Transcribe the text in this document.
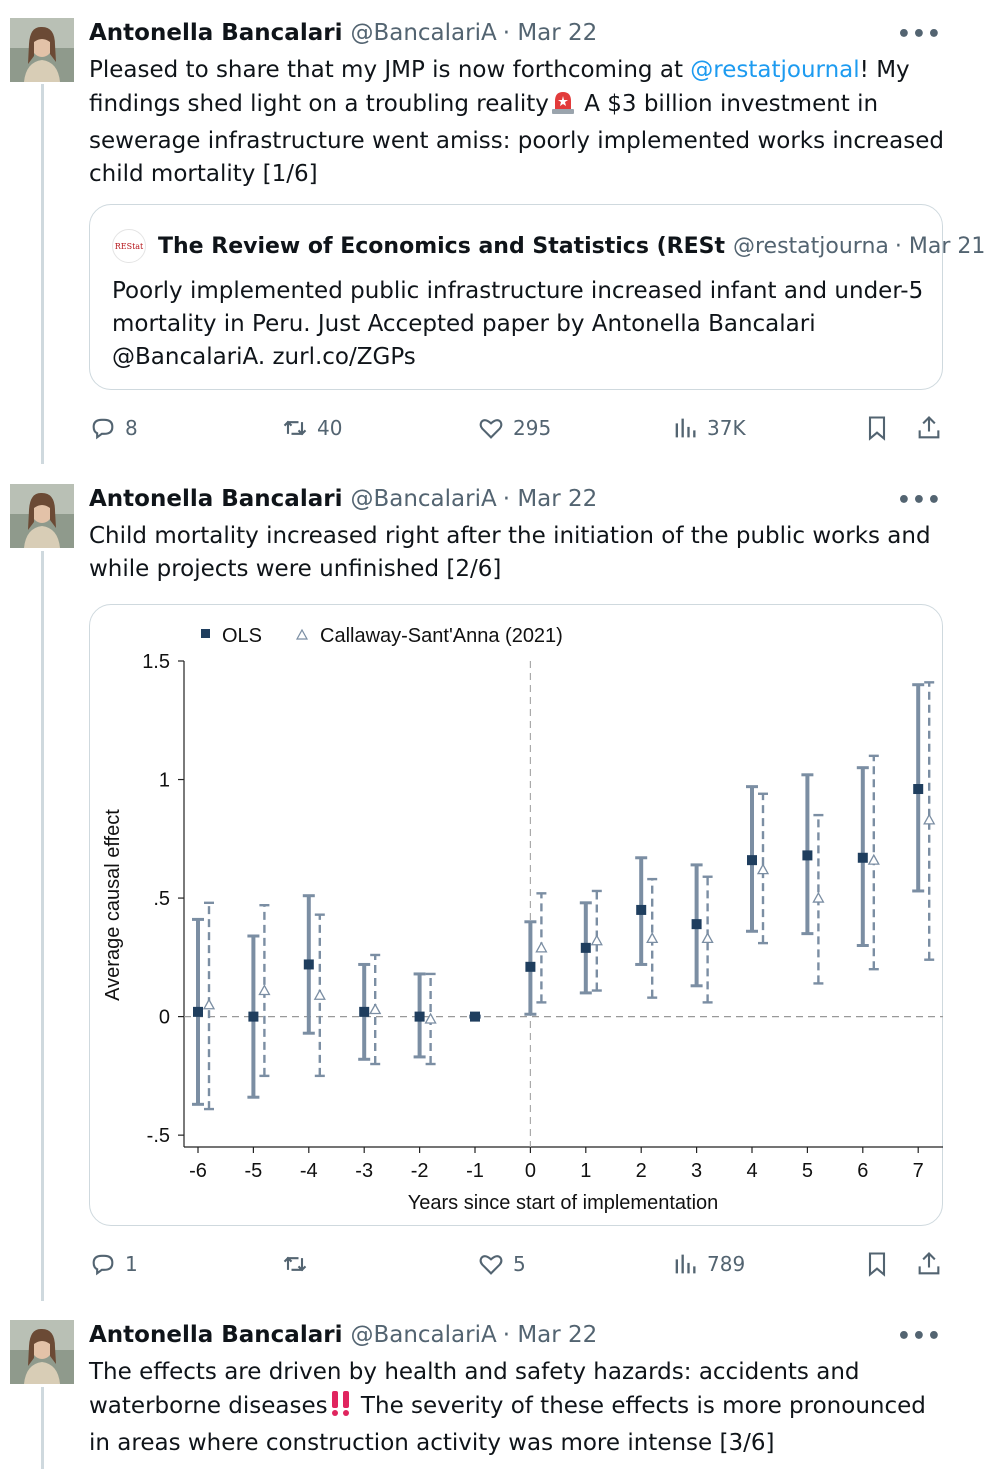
Antonella Bancalari @BancalariA · Mar 22	•••
Pleased to share that my JMP is now forthcoming at @restatjournal! My findings shed light on a troubling reality A $3 billion investment in sewerage infrastructure went amiss: poorly implemented works increased child mortality [1/6]
REStat The Review of Economics and Statistics (RESt @restatjourna · Mar 21
Poorly implemented public infrastructure increased infant and under-5 mortality in Peru. Just Accepted paper by Antonella Bancalari @BancalariA. zurl.co/ZGPs
8	40	295	37K
Antonella Bancalari @BancalariA · Mar 22	•••
Child mortality increased right after the initiation of the public works and while projects were unfinished [2/6]
OLS	Callaway-Sant'Anna (2021)
-.5
0
.5
1
1.5
-6 -5 -4 -3 -2 -1 0 1 2 3 4 5 6 7
Years since start of implementation
Average causal effect
1	5	789
Antonella Bancalari @BancalariA · Mar 22	•••
The effects are driven by health and safety hazards: accidents and waterborne diseases The severity of these effects is more pronounced in areas where construction activity was more intense [3/6]
